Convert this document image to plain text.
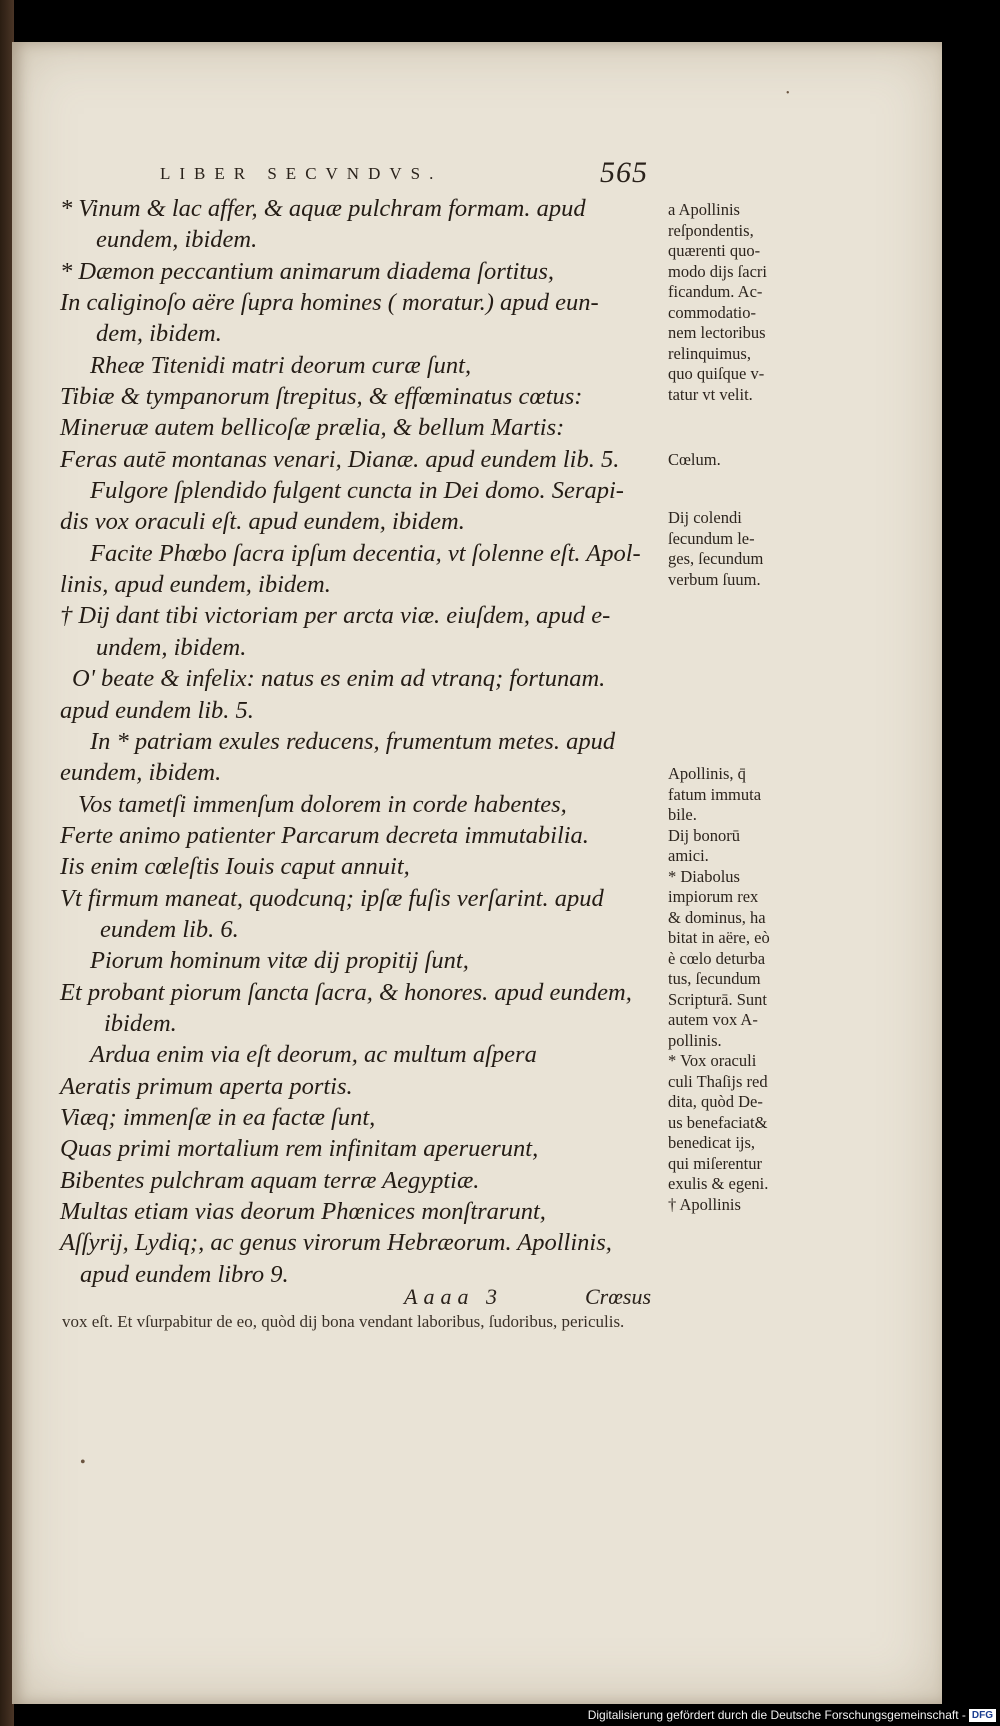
LIBER SECVNDVS.	565
* Vinum & lac affer, & aquæ pulchram formam. apud
eundem, ibidem.
* Dæmon peccantium animarum diadema ſortitus,
In caliginoſo aëre ſupra homines ( moratur.) apud eun-
dem, ibidem.
Rheæ Titenidi matri deorum curæ ſunt,
Tibiæ & tympanorum ſtrepitus, & effœminatus cœtus:
Mineruæ autem bellicoſæ prælia, & bellum Martis:
Feras autē montanas venari, Dianæ. apud eundem lib. 5.
Fulgore ſplendido fulgent cuncta in Dei domo. Serapi-
dis vox oraculi eſt. apud eundem, ibidem.
Facite Phœbo ſacra ipſum decentia, vt ſolenne eſt. Apol-
linis, apud eundem, ibidem.
† Dij dant tibi victoriam per arcta viæ. eiuſdem, apud e-
undem, ibidem.
O' beate & infelix: natus es enim ad vtranq; fortunam.
apud eundem lib. 5.
In * patriam exules reducens, frumentum metes. apud
eundem, ibidem.
Vos tametſi immenſum dolorem in corde habentes,
Ferte animo patienter Parcarum decreta immutabilia.
Iis enim cœleſtis Iouis caput annuit,
Vt firmum maneat, quodcunq; ipſæ fuſis verſarint. apud
eundem lib. 6.
Piorum hominum vitæ dij propitij ſunt,
Et probant piorum ſancta ſacra, & honores. apud eundem,
ibidem.
Ardua enim via eſt deorum, ac multum aſpera
Aeratis primum aperta portis.
Viæq; immenſæ in ea factæ ſunt,
Quas primi mortalium rem infinitam aperuerunt,
Bibentes pulchram aquam terræ Aegyptiæ.
Multas etiam vias deorum Phœnices monſtrarunt,
Aſſyrij, Lydiq;, ac genus virorum Hebræorum. Apollinis,
apud eundem libro 9.
a Apollinis
reſpondentis,
quærenti quo-
modo dijs ſacri
ficandum. Ac-
commodatio-
nem lectoribus
relinquimus,
quo quiſque v-
tatur vt velit.
Cœlum.
Dij colendi
ſecundum le-
ges, ſecundum
verbum ſuum.
Apollinis, q̄
fatum immuta
bile.
Dij bonorū
amici.
* Diabolus
impiorum rex
& dominus, ha
bitat in aëre, eò
è cœlo deturba
tus, ſecundum
Scripturā. Sunt
autem vox A-
pollinis.
* Vox oraculi
culi Thaſijs red
dita, quòd De-
us benefaciat&
benedicat ijs,
qui miſerentur
exulis & egeni.
† Apollinis
Aaaa 3	Crœsus
vox eſt. Et vſurpabitur de eo, quòd dij bona vendant laboribus, ſudoribus, periculis.
•
•
Digitalisierung gefördert durch die Deutsche Forschungsgemeinschaft - DFG
